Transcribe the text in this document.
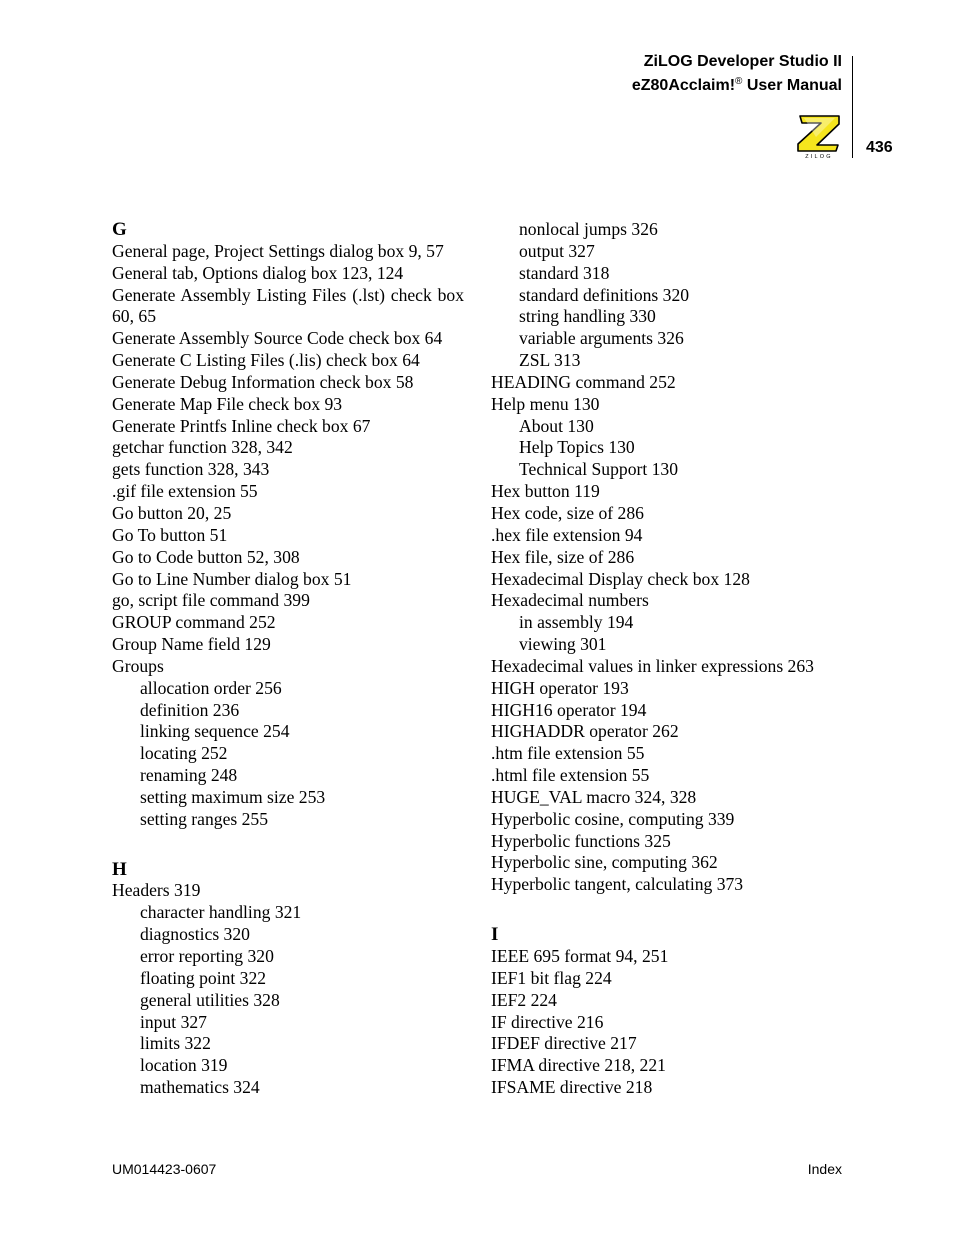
ZiLOG Developer Studio II
eZ80Acclaim!® User Manual
436
ZILOG
G
General page, Project Settings dialog box 9, 57
General tab, Options dialog box 123, 124
Generate Assembly Listing Files (.lst) check box 60, 65
Generate Assembly Source Code check box 64
Generate C Listing Files (.lis) check box 64
Generate Debug Information check box 58
Generate Map File check box 93
Generate Printfs Inline check box 67
getchar function 328, 342
gets function 328, 343
.gif file extension 55
Go button 20, 25
Go To button 51
Go to Code button 52, 308
Go to Line Number dialog box 51
go, script file command 399
GROUP command 252
Group Name field 129
Groups
allocation order 256
definition 236
linking sequence 254
locating 252
renaming 248
setting maximum size 253
setting ranges 255
H
Headers 319
character handling 321
diagnostics 320
error reporting 320
floating point 322
general utilities 328
input 327
limits 322
location 319
mathematics 324
nonlocal jumps 326
output 327
standard 318
standard definitions 320
string handling 330
variable arguments 326
ZSL 313
HEADING command 252
Help menu 130
About 130
Help Topics 130
Technical Support 130
Hex button 119
Hex code, size of 286
.hex file extension 94
Hex file, size of 286
Hexadecimal Display check box 128
Hexadecimal numbers
in assembly 194
viewing 301
Hexadecimal values in linker expressions 263
HIGH operator 193
HIGH16 operator 194
HIGHADDR operator 262
.htm file extension 55
.html file extension 55
HUGE_VAL macro 324, 328
Hyperbolic cosine, computing 339
Hyperbolic functions 325
Hyperbolic sine, computing 362
Hyperbolic tangent, calculating 373
I
IEEE 695 format 94, 251
IEF1 bit flag 224
IEF2 224
IF directive 216
IFDEF directive 217
IFMA directive 218, 221
IFSAME directive 218
UM014423-0607	Index
